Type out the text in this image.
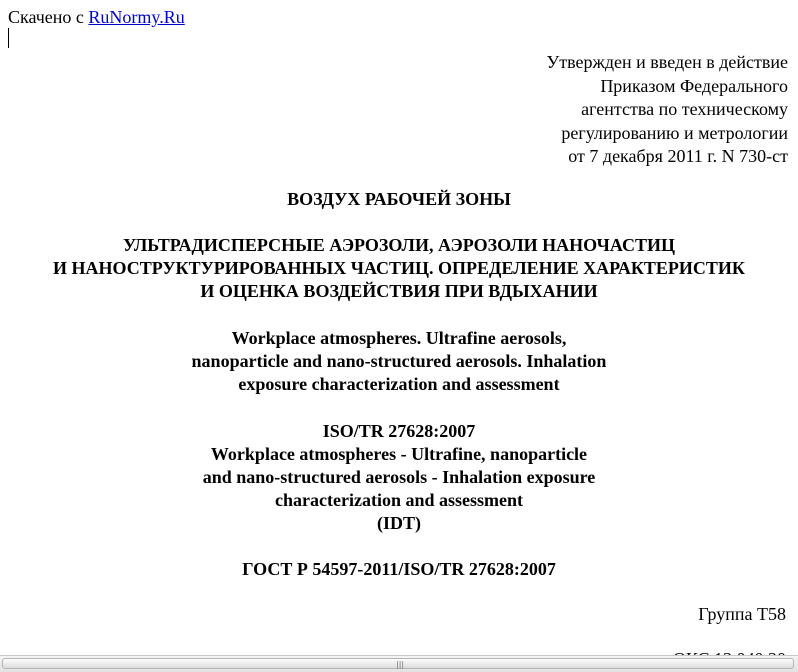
Скачено с RuNormy.Ru
Утвержден и введен в действие
Приказом Федерального
агентства по техническому
регулированию и метрологии
от 7 декабря 2011 г. N 730-ст
ВОЗДУХ РАБОЧЕЙ ЗОНЫ
УЛЬТРАДИСПЕРСНЫЕ АЭРОЗОЛИ, АЭРОЗОЛИ НАНОЧАСТИЦ
И НАНОСТРУКТУРИРОВАННЫХ ЧАСТИЦ. ОПРЕДЕЛЕНИЕ ХАРАКТЕРИСТИК
И ОЦЕНКА ВОЗДЕЙСТВИЯ ПРИ ВДЫХАНИИ
Workplace atmospheres. Ultrafine aerosols,
nanoparticle and nano-structured aerosols. Inhalation
exposure characterization and assessment
ISO/TR 27628:2007
Workplace atmospheres - Ultrafine, nanoparticle
and nano-structured aerosols - Inhalation exposure
characterization and assessment
(IDT)
ГОСТ Р 54597-2011/ISO/TR 27628:2007
Группа Т58
|||
